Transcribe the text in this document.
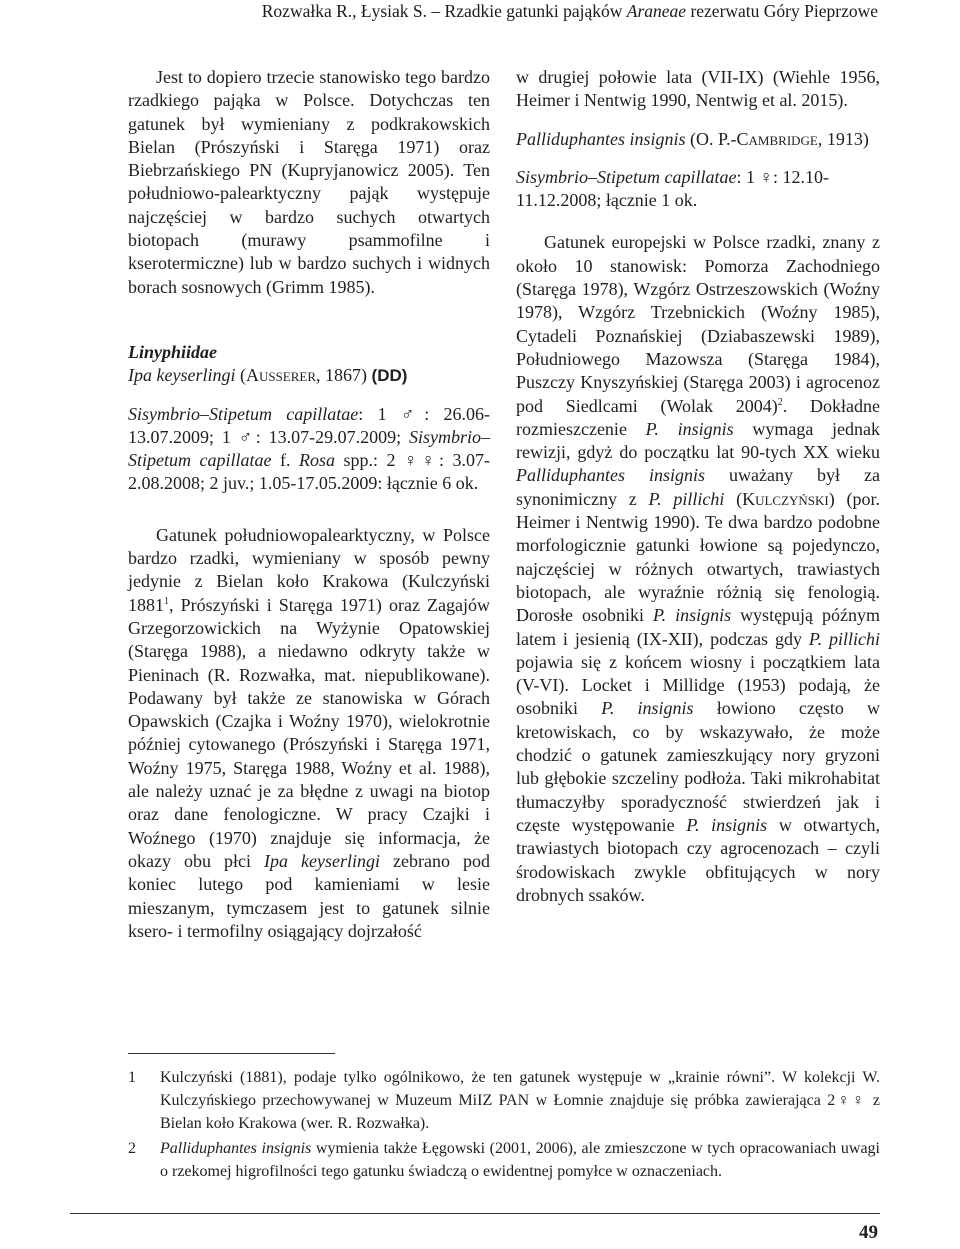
Rozwałka R., Łysiak S. – Rzadkie gatunki pająków Araneae rezerwatu Góry Pieprzowe

Jest to dopiero trzecie stanowisko tego bardzo rzadkiego pająka w Polsce. Dotychczas ten gatunek był wymieniany z podkrakowskich Bielan (Prószyński i Staręga 1971) oraz Biebrzańskiego PN (Kupryjanowicz 2005). Ten południowo-palearktyczny pająk występuje najczęściej w bardzo suchych otwartych biotopach (murawy psammofilne i kserotermiczne) lub w bardzo suchych i widnych borach sosnowych (Grimm 1985).

Linyphiidae

Ipa keyserlingi (Ausserer, 1867) (DD)

Sisymbrio–Stipetum capillatae: 1 ♂: 26.06-13.07.2009; 1 ♂: 13.07-29.07.2009; Sisymbrio–Stipetum capillatae f. Rosa spp.: 2 ♀♀: 3.07-2.08.2008; 2 juv.; 1.05-17.05.2009: łącznie 6 ok.

Gatunek południowopalearktyczny, w Polsce bardzo rzadki, wymieniany w sposób pewny jedynie z Bielan koło Krakowa (Kulczyński 1881$^1$, Prószyński i Staręga 1971) oraz Zagajów Grzegorzowickich na Wyżynie Opatowskiej (Staręga 1988), a niedawno odkryty także w Pieninach (R. Rozwałka, mat. niepublikowane). Podawany był także ze stanowiska w Górach Opawskich (Czajka i Woźny 1970), wielokrotnie później cytowanego (Prószyński i Staręga 1971, Woźny 1975, Staręga 1988, Woźny et al. 1988), ale należy uznać je za błędne z uwagi na biotop oraz dane fenologiczne. W pracy Czajki i Woźnego (1970) znajduje się informacja, że okazy obu płci Ipa keyserlingi zebrano pod koniec lutego pod kamieniami w lesie mieszanym, tymczasem jest to gatunek silnie ksero- i termofilny osiągający dojrzałość

w drugiej połowie lata (VII-IX) (Wiehle 1956, Heimer i Nentwig 1990, Nentwig et al. 2015).

Palliduphantes insignis (O. P.-Cambridge, 1913)

Sisymbrio–Stipetum capillatae: 1 ♀: 12.10-11.12.2008; łącznie 1 ok.

Gatunek europejski w Polsce rzadki, znany z około 10 stanowisk: Pomorza Zachodniego (Staręga 1978), Wzgórz Ostrzeszowskich (Woźny 1978), Wzgórz Trzebnickich (Woźny 1985), Cytadeli Poznańskiej (Dziabaszewski 1989), Południowego Mazowsza (Staręga 1984), Puszczy Knyszyńskiej (Staręga 2003) i agrocenoz pod Siedlcami (Wolak 2004)$^2$. Dokładne rozmieszczenie P. insignis wymaga jednak rewizji, gdyż do początku lat 90-tych XX wieku Palliduphantes insignis uważany był za synonimiczny z P. pillichi (Kulczyński) (por. Heimer i Nentwig 1990). Te dwa bardzo podobne morfologicznie gatunki łowione są pojedynczo, najczęściej w różnych otwartych, trawiastych biotopach, ale wyraźnie różnią się fenologią. Dorosłe osobniki P. insignis występują późnym latem i jesienią (IX-XII), podczas gdy P. pillichi pojawia się z końcem wiosny i początkiem lata (V-VI). Locket i Millidge (1953) podają, że osobniki P. insignis łowiono często w kretowiskach, co by wskazywało, że może chodzić o gatunek zamieszkujący nory gryzoni lub głębokie szczeliny podłoża. Taki mikrohabitat tłumaczyłby sporadyczność stwierdzeń jak i częste występowanie P. insignis w otwartych, trawiastych biotopach czy agrocenozach – czyli środowiskach zwykle obfitujących w nory drobnych ssaków.

1 Kulczyński (1881), podaje tylko ogólnikowo, że ten gatunek występuje w „krainie równi”. W kolekcji W. Kulczyńskiego przechowywanej w Muzeum MiIZ PAN w Łomnie znajduje się próbka zawierająca 2♀♀ z Bielan koło Krakowa (wer. R. Rozwałka).
2 Palliduphantes insignis wymienia także Łęgowski (2001, 2006), ale zmieszczone w tych opracowaniach uwagi o rzekomej higrofilności tego gatunku świadczą o ewidentnej pomyłce w oznaczeniach.
49
